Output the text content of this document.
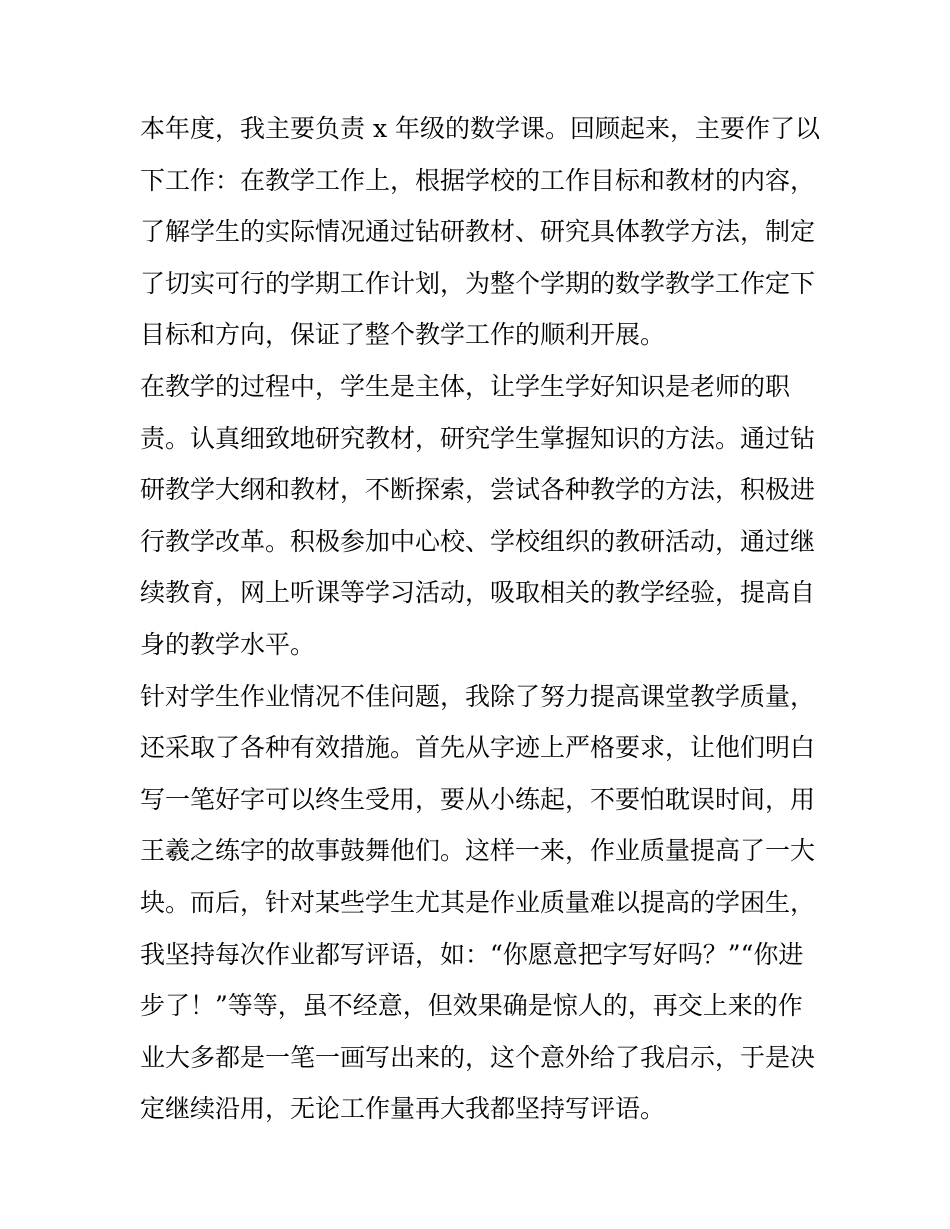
本年度，我主要负责 x 年级的数学课。回顾起来，主要作了以
下工作：在教学工作上，根据学校的工作目标和教材的内容，
了解学生的实际情况通过钻研教材、研究具体教学方法，制定
了切实可行的学期工作计划，为整个学期的数学教学工作定下
目标和方向，保证了整个教学工作的顺利开展。

在教学的过程中，学生是主体，让学生学好知识是老师的职
责。认真细致地研究教材，研究学生掌握知识的方法。通过钻
研教学大纲和教材，不断探索，尝试各种教学的方法，积极进
行教学改革。积极参加中心校、学校组织的教研活动，通过继
续教育，网上听课等学习活动，吸取相关的教学经验，提高自
身的教学水平。

针对学生作业情况不佳问题，我除了努力提高课堂教学质量，
还采取了各种有效措施。首先从字迹上严格要求，让他们明白
写一笔好字可以终生受用，要从小练起，不要怕耽误时间，用
王羲之练字的故事鼓舞他们。这样一来，作业质量提高了一大
块。而后，针对某些学生尤其是作业质量难以提高的学困生，
我坚持每次作业都写评语，如：“你愿意把字写好吗？”“你进
步了！”等等，虽不经意，但效果确是惊人的，再交上来的作
业大多都是一笔一画写出来的，这个意外给了我启示，于是决
定继续沿用，无论工作量再大我都坚持写评语。
